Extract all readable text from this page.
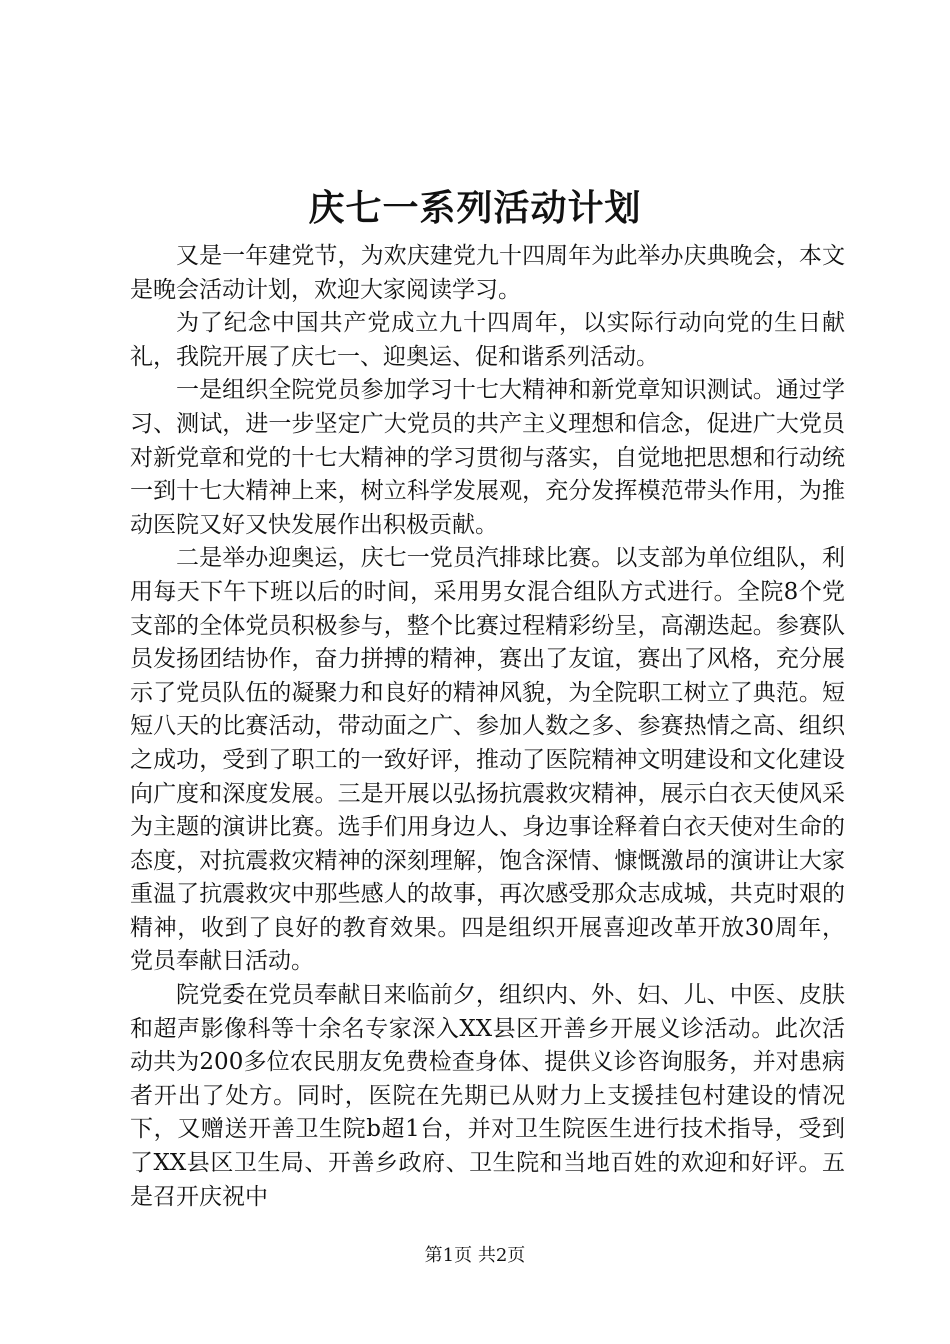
庆七一系列活动计划

又是一年建党节，为欢庆建党九十四周年为此举办庆典晚会，本文是晚会活动计划，欢迎大家阅读学习。

为了纪念中国共产党成立九十四周年，以实际行动向党的生日献礼，我院开展了庆七一、迎奥运、促和谐系列活动。

一是组织全院党员参加学习十七大精神和新党章知识测试。通过学习、测试，进一步坚定广大党员的共产主义理想和信念，促进广大党员对新党章和党的十七大精神的学习贯彻与落实，自觉地把思想和行动统一到十七大精神上来，树立科学发展观，充分发挥模范带头作用，为推动医院又好又快发展作出积极贡献。

二是举办迎奥运，庆七一党员汽排球比赛。以支部为单位组队，利用每天下午下班以后的时间，采用男女混合组队方式进行。全院8个党支部的全体党员积极参与，整个比赛过程精彩纷呈，高潮迭起。参赛队员发扬团结协作，奋力拼搏的精神，赛出了友谊，赛出了风格，充分展示了党员队伍的凝聚力和良好的精神风貌，为全院职工树立了典范。短短八天的比赛活动，带动面之广、参加人数之多、参赛热情之高、组织之成功，受到了职工的一致好评，推动了医院精神文明建设和文化建设向广度和深度发展。三是开展以弘扬抗震救灾精神，展示白衣天使风采为主题的演讲比赛。选手们用身边人、身边事诠释着白衣天使对生命的态度，对抗震救灾精神的深刻理解，饱含深情、慷慨激昂的演讲让大家重温了抗震救灾中那些感人的故事，再次感受那众志成城，共克时艰的精神，收到了良好的教育效果。四是组织开展喜迎改革开放30周年，党员奉献日活动。

院党委在党员奉献日来临前夕，组织内、外、妇、儿、中医、皮肤和超声影像科等十余名专家深入XX县区开善乡开展义诊活动。此次活动共为200多位农民朋友免费检查身体、提供义诊咨询服务，并对患病者开出了处方。同时，医院在先期已从财力上支援挂包村建设的情况下，又赠送开善卫生院b超1台，并对卫生院医生进行技术指导，受到了XX县区卫生局、开善乡政府、卫生院和当地百姓的欢迎和好评。五是召开庆祝中

第1页 共2页
